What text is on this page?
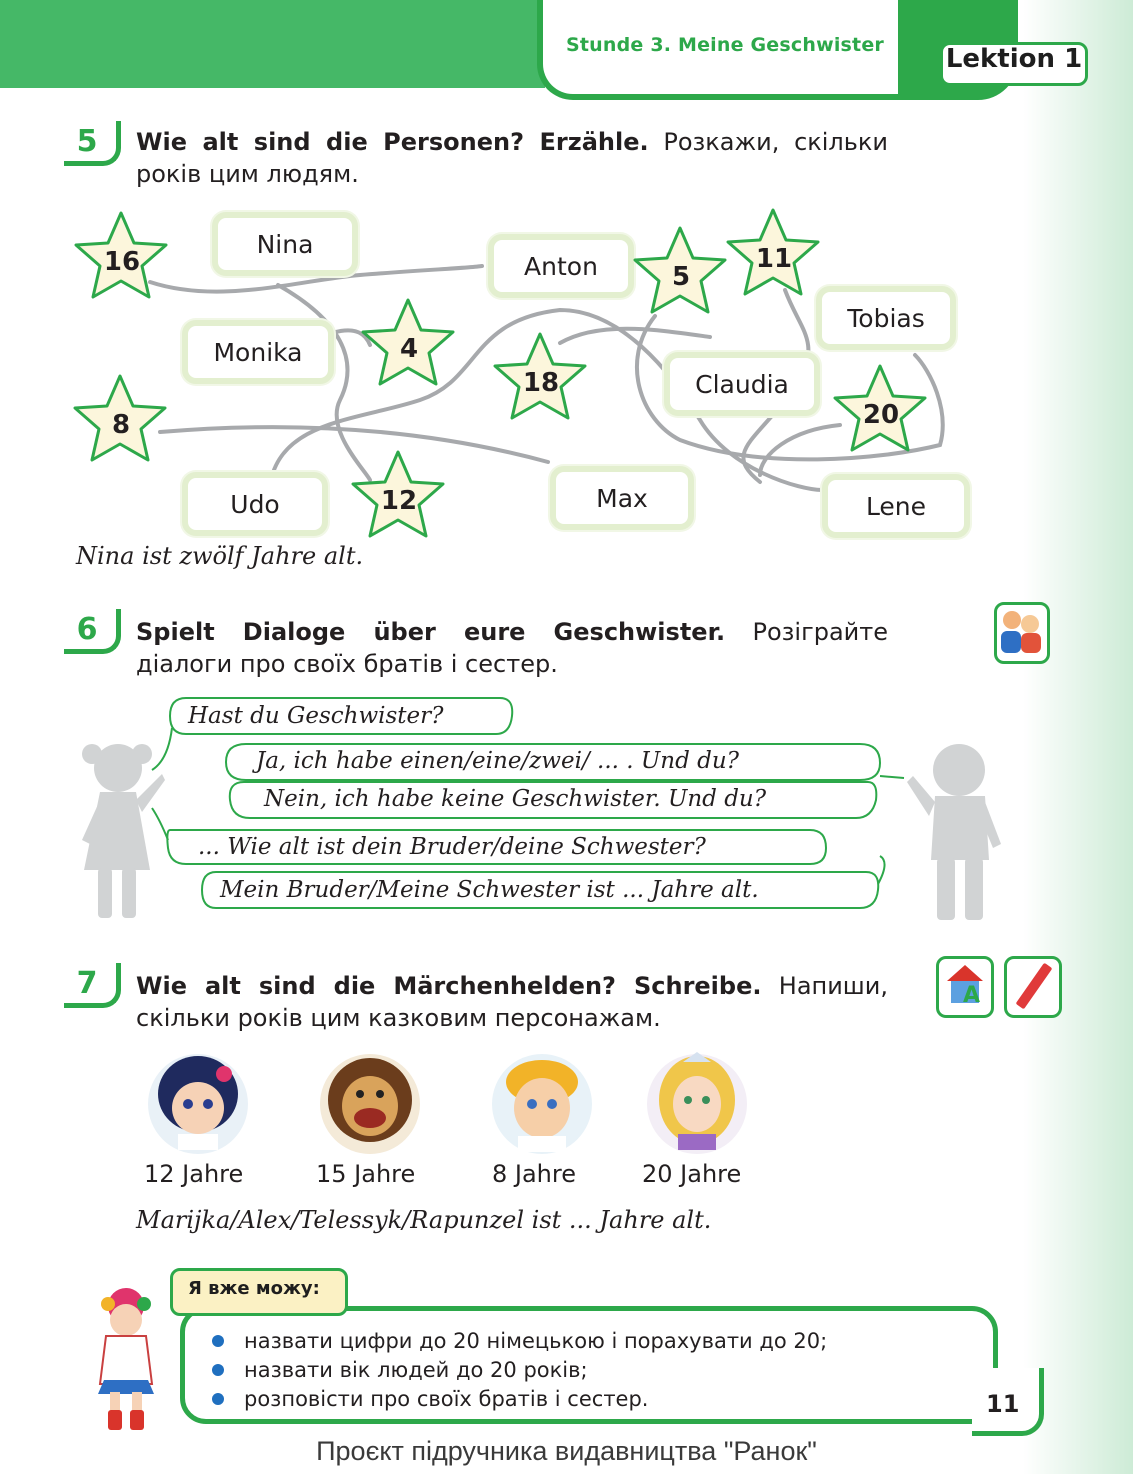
Stunde 3. Meine Geschwister Lektion 1
5	Wie alt sind die Personen? Erzähle. Розкажи, скільки років цим людям.
Nina
Anton
Tobias
Monika
Claudia
Udo	Max	Lene
16
4
5
11
18
8	20
12
Nina ist zwölf Jahre alt.
6	Spielt Dialoge über eure Geschwister. Розіграйте діалоги про своїх братів і сестер.
Hast du Geschwister?
Ja, ich habe einen/eine/zwei/ ... . Und du?
Nein, ich habe keine Geschwister. Und du?
... Wie alt ist dein Bruder/deine Schwester?
Mein Bruder/Meine Schwester ist ... Jahre alt.
7	Wie alt sind die Märchenhelden? Schreibe. Напиши, скільки років цим казковим персонажам.
A
12 Jahre	15 Jahre	8 Jahre	20 Jahre
Marijka/Alex/Telessyk/Rapunzel ist ... Jahre alt.
Я вже можу:
назвати цифри до 20 німецькою і порахувати до 20;
назвати вік людей до 20 років;
розповісти про своїх братів і сестер.	11
Проєкт підручника видавництва "Ранок"
